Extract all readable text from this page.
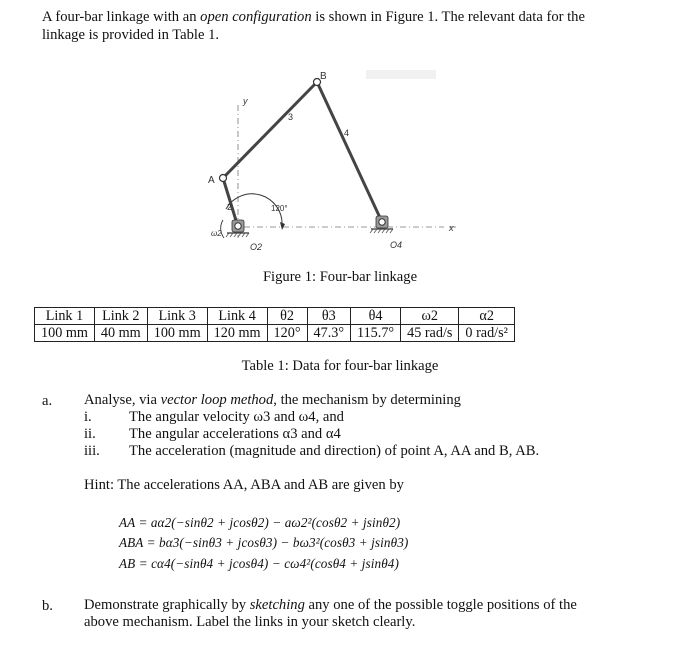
A four-bar linkage with an open configuration is shown in Figure 1. The relevant data for the
linkage is provided in Table 1.
A
B
2
3
4
y
x
120°
ω2
O2	O4
Figure 1: Four-bar linkage
Link 1	Link 2	Link 3	Link 4	θ2	θ3	θ4	ω2	α2
100 mm	40 mm	100 mm	120 mm	120°	47.3°	115.7°	45 rad/s	0 rad/s²
Table 1: Data for four-bar linkage
a. Analyse, via vector loop method, the mechanism by determining
i.	The angular velocity ω3 and ω4, and
ii. The angular accelerations α3 and α4
iii. The acceleration (magnitude and direction) of point A, AA and B, AB.
Hint: The accelerations AA, ABA and AB are given by
AA = aα2(−sinθ2 + jcosθ2) − aω2²(cosθ2 + jsinθ2)
ABA = bα3(−sinθ3 + jcosθ3) − bω3²(cosθ3 + jsinθ3)
AB = cα4(−sinθ4 + jcosθ4) − cω4²(cosθ4 + jsinθ4)
b. Demonstrate graphically by sketching any one of the possible toggle positions of the
above mechanism. Label the links in your sketch clearly.
